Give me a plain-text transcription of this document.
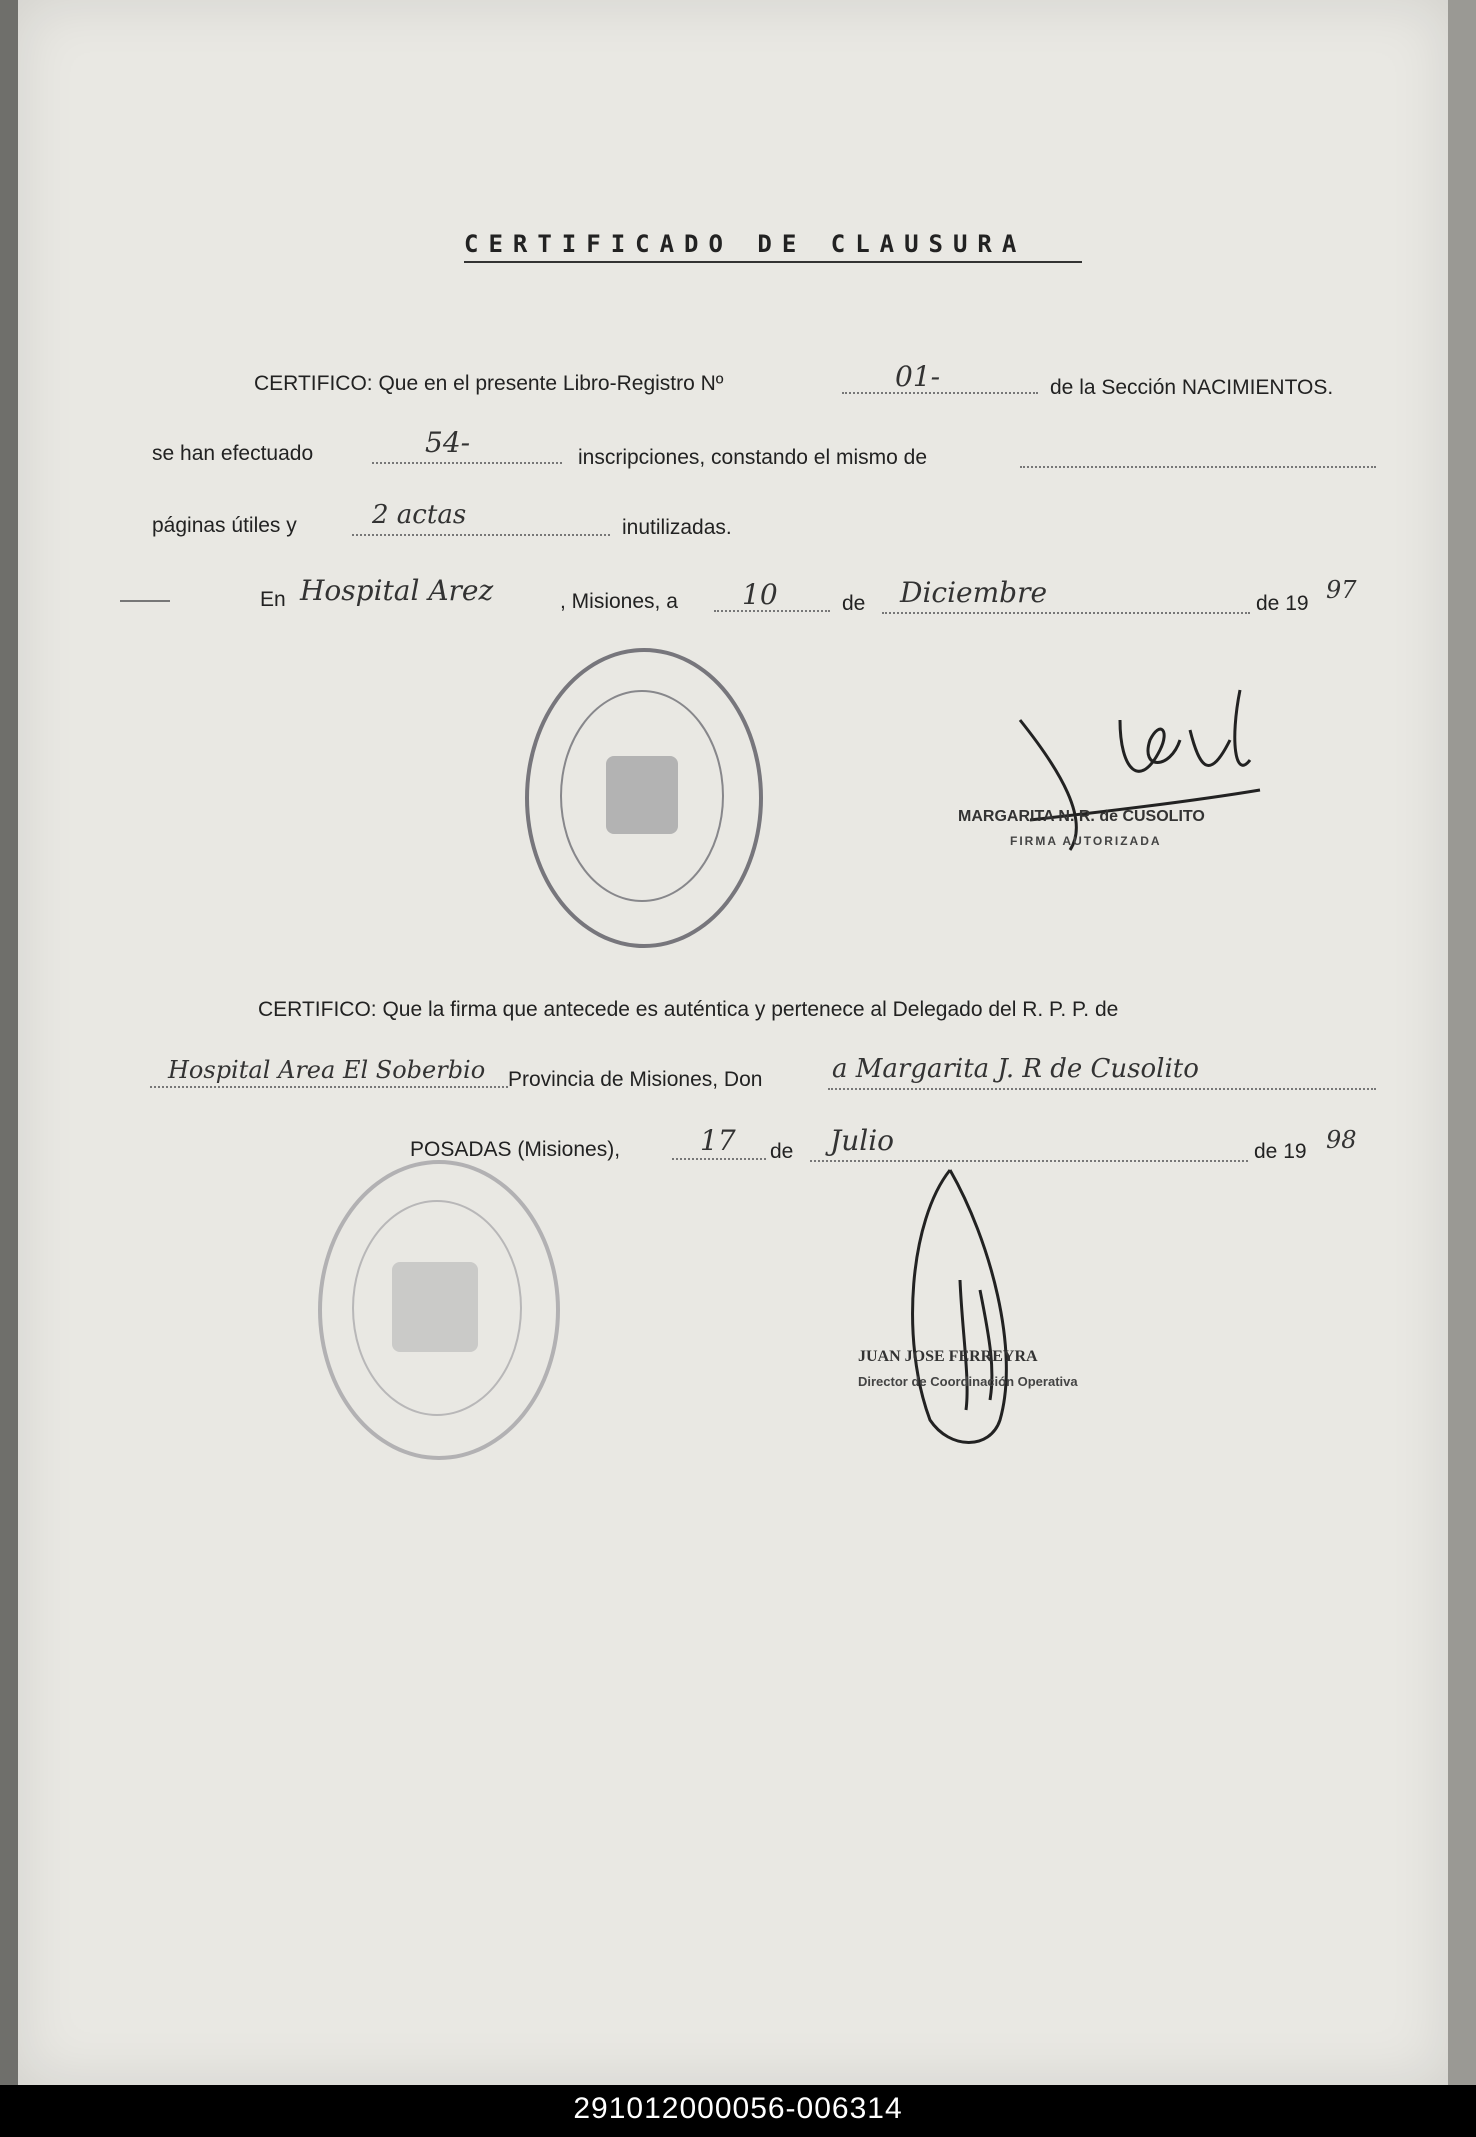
CERTIFICADO DE CLAUSURA
CERTIFICO: Que en el presente Libro-Registro Nº	01-	de la Sección NACIMIENTOS.
se han efectuado	54-	inscripciones, constando el mismo de
páginas útiles y	2 actas	inutilizadas.
En Hospital Arez	, Misiones, a 10	de Diciembre	de 19 97
MARGARITA N. R. de CUSOLITO
FIRMA AUTORIZADA
CERTIFICO: Que la firma que antecede es auténtica y pertenece al Delegado del R. P. P. de
Hospital Area El Soberbio Provincia de Misiones, Don	a Margarita J. R de Cusolito
POSADAS (Misiones),	17 de Julio	de 19 98
JUAN JOSE FERREYRA
Director de Coordinación Operativa
291012000056-006314
